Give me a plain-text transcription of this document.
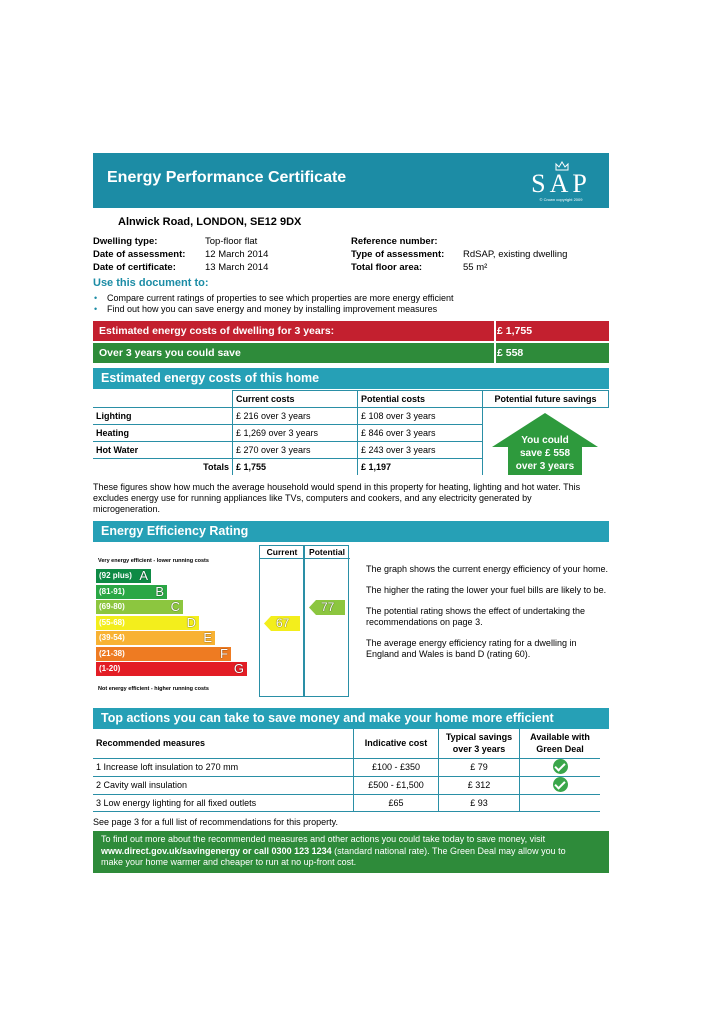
Energy Performance Certificate	SAP
© Crown copyright 2009
Alnwick Road, LONDON, SE12 9DX
Dwelling type:	Top-floor flat
Date of assessment: 12 March 2014
Date of certificate:	13 March 2014
Reference number:
Type of assessment: RdSAP, existing dwelling
Total floor area:	55 m²
Use this document to:
• Compare current ratings of properties to see which properties are more energy efficient
• Find out how you can save energy and money by installing improvement measures
Estimated energy costs of dwelling for 3 years:	£ 1,755
Over 3 years you could save	£ 558
Estimated energy costs of this home
	Current costs	Potential costs	Potential future savings
Lighting	£ 216 over 3 years	£ 108 over 3 years	
Heating	£ 1,269 over 3 years	£ 846 over 3 years	
Hot Water	£ 270 over 3 years	£ 243 over 3 years	
Totals	£ 1,755	£ 1,197	
You could
save £ 558
over 3 years
These figures show how much the average household would spend in this property for heating, lighting and hot water. This excludes energy use for running appliances like TVs, computers and cookers, and any electricity generated by microgeneration.
Energy Efficiency Rating
Very energy efficient - lower running costs
Not energy efficient - higher running costs
Current	Potential
(92 plus) A
(81-91) B
(69-80)	C
(55-68)	D
(39-54)	E
(21-38)	F
(1-20)	G
67
77
The graph shows the current energy efficiency of your home.
The higher the rating the lower your fuel bills are likely to be.
The potential rating shows the effect of undertaking the recommendations on page 3.
The average energy efficiency rating for a dwelling in England and Wales is band D (rating 60).
Top actions you can take to save money and make your home more efficient
Recommended measures	Indicative cost	Typical savings over 3 years	Available with Green Deal
1 Increase loft insulation to 270 mm	£100 - £350	£ 79	
2 Cavity wall insulation	£500 - £1,500	£ 312	
3 Low energy lighting for all fixed outlets	£65	£ 93	
See page 3 for a full list of recommendations for this property.
To find out more about the recommended measures and other actions you could take today to save money, visit
www.direct.gov.uk/savingenergy or call 0300 123 1234 (standard national rate). The Green Deal may allow you to
make your home warmer and cheaper to run at no up-front cost.
